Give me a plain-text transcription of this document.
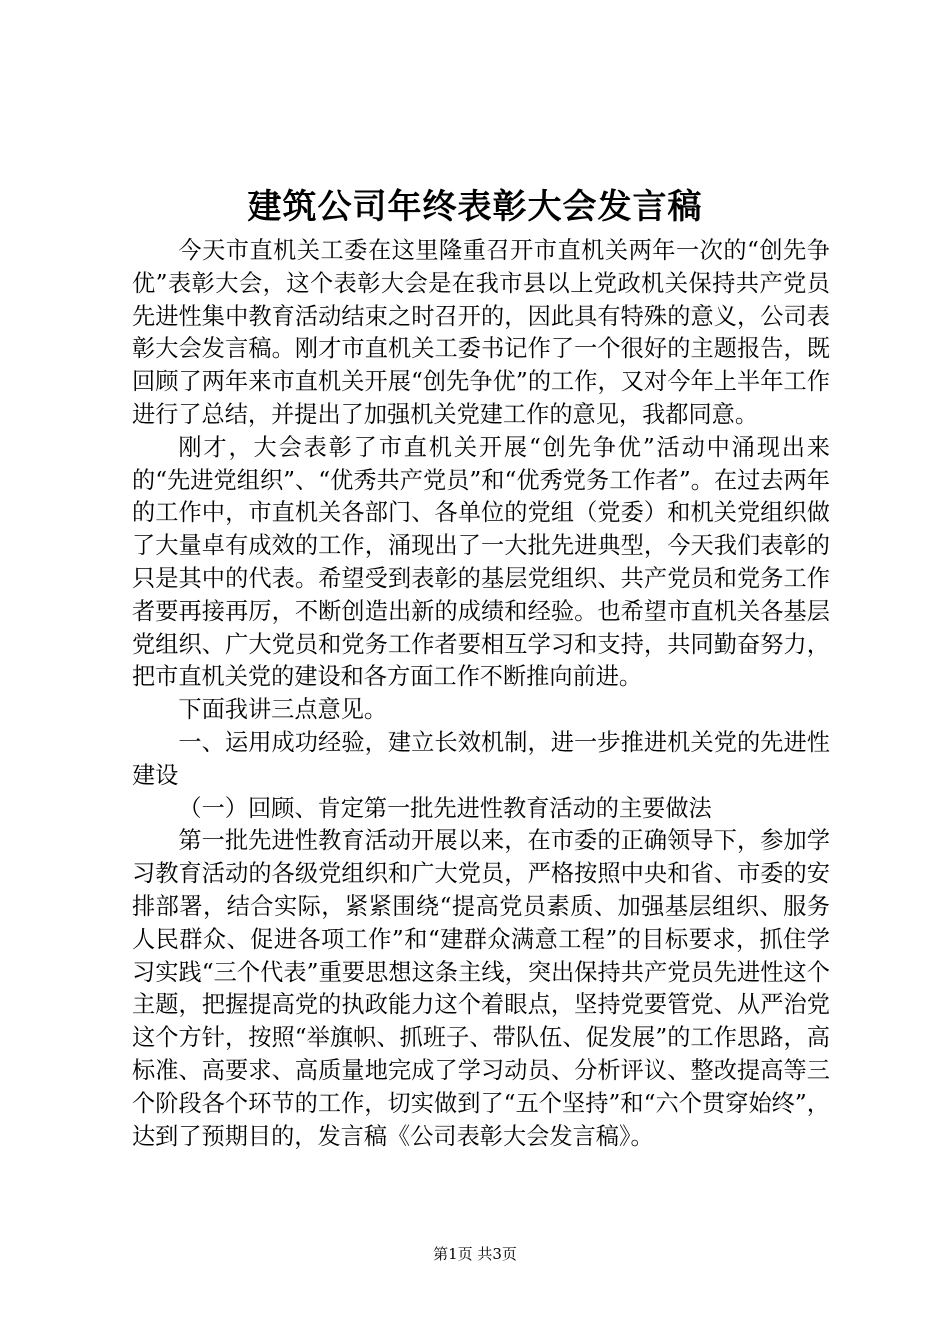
建筑公司年终表彰大会发言稿

今天市直机关工委在这里隆重召开市直机关两年一次的“创先争优”表彰大会，这个表彰大会是在我市县以上党政机关保持共产党员先进性集中教育活动结束之时召开的，因此具有特殊的意义，公司表彰大会发言稿。刚才市直机关工委书记作了一个很好的主题报告，既回顾了两年来市直机关开展“创先争优”的工作，又对今年上半年工作进行了总结，并提出了加强机关党建工作的意见，我都同意。

刚才，大会表彰了市直机关开展“创先争优”活动中涌现出来的“先进党组织”、“优秀共产党员”和“优秀党务工作者”。在过去两年的工作中，市直机关各部门、各单位的党组（党委）和机关党组织做了大量卓有成效的工作，涌现出了一大批先进典型，今天我们表彰的只是其中的代表。希望受到表彰的基层党组织、共产党员和党务工作者要再接再厉，不断创造出新的成绩和经验。也希望市直机关各基层党组织、广大党员和党务工作者要相互学习和支持，共同勤奋努力，把市直机关党的建设和各方面工作不断推向前进。

下面我讲三点意见。

一、运用成功经验，建立长效机制，进一步推进机关党的先进性建设

（一）回顾、肯定第一批先进性教育活动的主要做法

第一批先进性教育活动开展以来，在市委的正确领导下，参加学习教育活动的各级党组织和广大党员，严格按照中央和省、市委的安排部署，结合实际，紧紧围绕“提高党员素质、加强基层组织、服务人民群众、促进各项工作”和“建群众满意工程”的目标要求，抓住学习实践“三个代表”重要思想这条主线，突出保持共产党员先进性这个主题，把握提高党的执政能力这个着眼点，坚持党要管党、从严治党这个方针，按照“举旗帜、抓班子、带队伍、促发展”的工作思路，高标准、高要求、高质量地完成了学习动员、分析评议、整改提高等三个阶段各个环节的工作，切实做到了“五个坚持”和“六个贯穿始终”，达到了预期目的，发言稿《公司表彰大会发言稿》。

第1页 共3页
